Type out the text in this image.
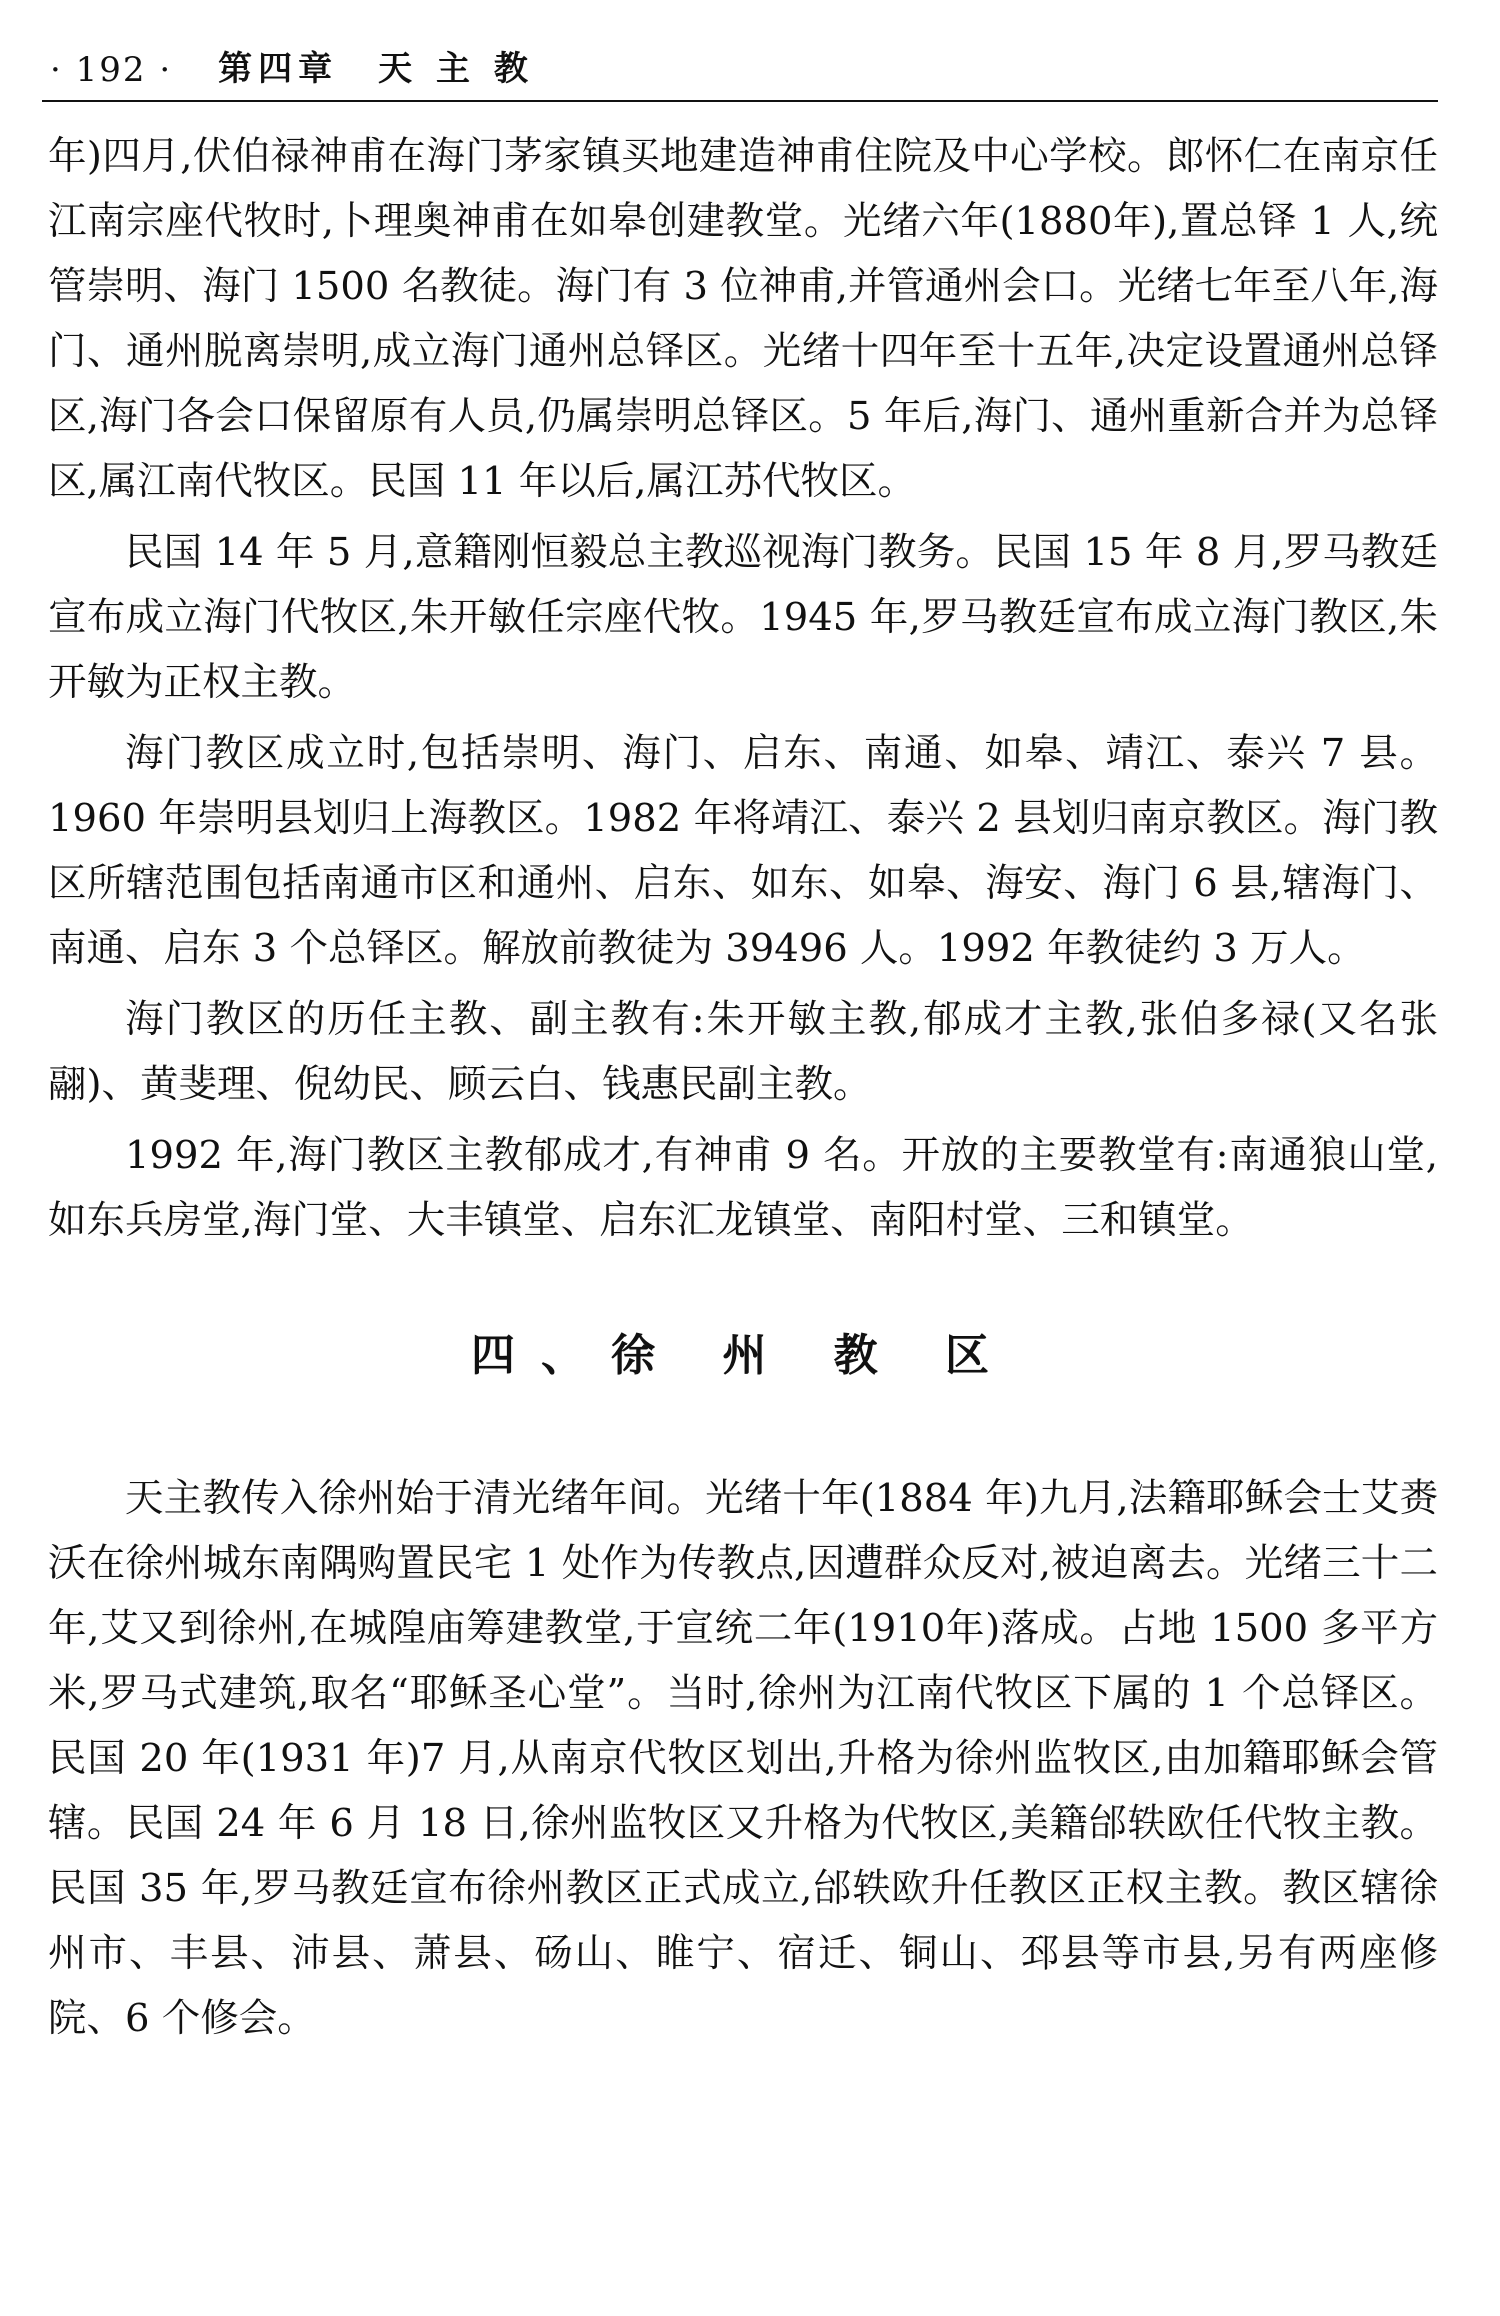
· 192 · 第四章　天 主 教

年)四月,伏伯禄神甫在海门茅家镇买地建造神甫住院及中心学校。郎怀仁在南京任江南宗座代牧时,卜理奥神甫在如皋创建教堂。光绪六年(1880年),置总铎 1 人,统管崇明、海门 1500 名教徒。海门有 3 位神甫,并管通州会口。光绪七年至八年,海门、通州脱离崇明,成立海门通州总铎区。光绪十四年至十五年,决定设置通州总铎区,海门各会口保留原有人员,仍属崇明总铎区。5 年后,海门、通州重新合并为总铎区,属江南代牧区。民国 11 年以后,属江苏代牧区。

民国 14 年 5 月,意籍刚恒毅总主教巡视海门教务。民国 15 年 8 月,罗马教廷宣布成立海门代牧区,朱开敏任宗座代牧。1945 年,罗马教廷宣布成立海门教区,朱开敏为正权主教。

海门教区成立时,包括崇明、海门、启东、南通、如皋、靖江、泰兴 7 县。1960 年崇明县划归上海教区。1982 年将靖江、泰兴 2 县划归南京教区。海门教区所辖范围包括南通市区和通州、启东、如东、如皋、海安、海门 6 县,辖海门、南通、启东 3 个总铎区。解放前教徒为 39496 人。1992 年教徒约 3 万人。

海门教区的历任主教、副主教有:朱开敏主教,郁成才主教,张伯多禄(又名张翮)、黄斐理、倪幼民、顾云白、钱惠民副主教。

1992 年,海门教区主教郁成才,有神甫 9 名。开放的主要教堂有:南通狼山堂,如东兵房堂,海门堂、大丰镇堂、启东汇龙镇堂、南阳村堂、三和镇堂。

四、徐 州 教 区

天主教传入徐州始于清光绪年间。光绪十年(1884 年)九月,法籍耶稣会士艾赉沃在徐州城东南隅购置民宅 1 处作为传教点,因遭群众反对,被迫离去。光绪三十二年,艾又到徐州,在城隍庙筹建教堂,于宣统二年(1910年)落成。占地 1500 多平方米,罗马式建筑,取名“耶稣圣心堂”。当时,徐州为江南代牧区下属的 1 个总铎区。民国 20 年(1931 年)7 月,从南京代牧区划出,升格为徐州监牧区,由加籍耶稣会管辖。民国 24 年 6 月 18 日,徐州监牧区又升格为代牧区,美籍邰轶欧任代牧主教。民国 35 年,罗马教廷宣布徐州教区正式成立,邰轶欧升任教区正权主教。教区辖徐州市、丰县、沛县、萧县、砀山、睢宁、宿迁、铜山、邳县等市县,另有两座修院、6 个修会。
